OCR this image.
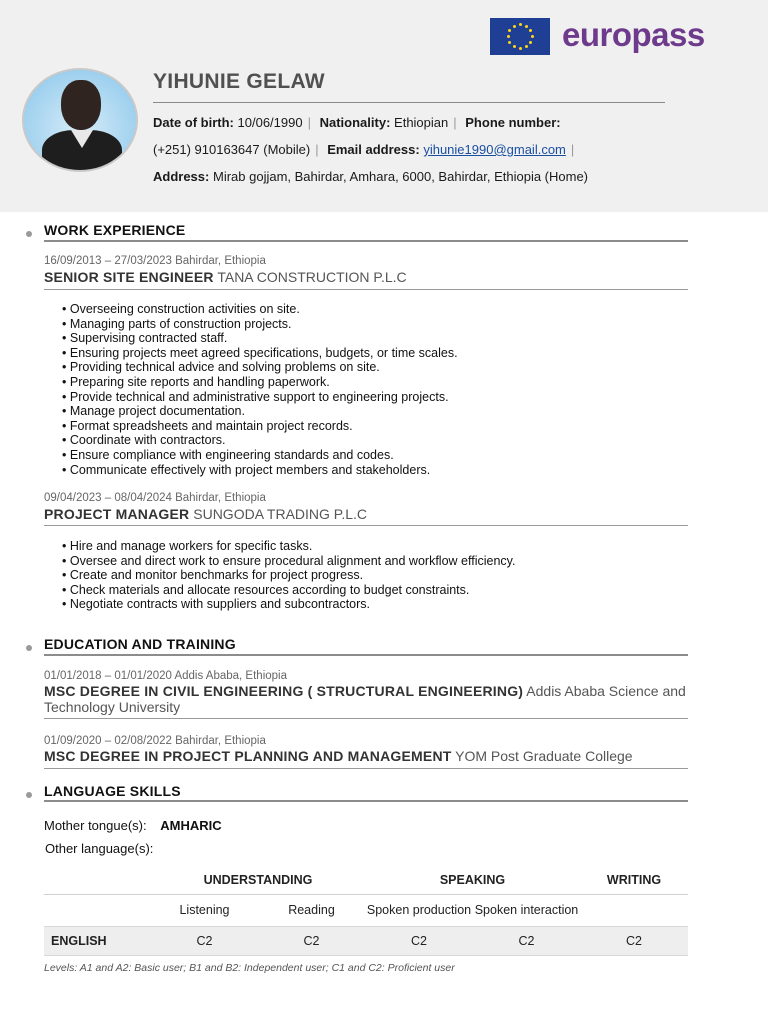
europass
YIHUNIE GELAW
Date of birth: 10/06/1990 | Nationality: Ethiopian | Phone number:
(+251) 910163647 (Mobile) | Email address: yihunie1990@gmail.com |
Address: Mirab gojjam, Bahirdar, Amhara, 6000, Bahirdar, Ethiopia (Home)
WORK EXPERIENCE
16/09/2013 – 27/03/2023 Bahirdar, Ethiopia
SENIOR SITE ENGINEER TANA CONSTRUCTION P.L.C
• Overseeing construction activities on site.
• Managing parts of construction projects.
• Supervising contracted staff.
• Ensuring projects meet agreed specifications, budgets, or time scales.
• Providing technical advice and solving problems on site.
• Preparing site reports and handling paperwork.
• Provide technical and administrative support to engineering projects.
• Manage project documentation.
• Format spreadsheets and maintain project records.
• Coordinate with contractors.
• Ensure compliance with engineering standards and codes.
• Communicate effectively with project members and stakeholders.
09/04/2023 – 08/04/2024 Bahirdar, Ethiopia
PROJECT MANAGER SUNGODA TRADING P.L.C
• Hire and manage workers for specific tasks.
• Oversee and direct work to ensure procedural alignment and workflow efficiency.
• Create and monitor benchmarks for project progress.
• Check materials and allocate resources according to budget constraints.
• Negotiate contracts with suppliers and subcontractors.
EDUCATION AND TRAINING
01/01/2018 – 01/01/2020 Addis Ababa, Ethiopia
MSC DEGREE IN CIVIL ENGINEERING ( STRUCTURAL ENGINEERING) Addis Ababa Science and Technology University
01/09/2020 – 02/08/2022 Bahirdar, Ethiopia
MSC DEGREE IN PROJECT PLANNING AND MANAGEMENT YOM Post Graduate College
LANGUAGE SKILLS
Mother tongue(s): AMHARIC
Other language(s):
	UNDERSTANDING		SPEAKING		WRITING
	Listening	Reading	Spoken production	Spoken interaction	
ENGLISH	C2	C2	C2	C2	C2
Levels: A1 and A2: Basic user; B1 and B2: Independent user; C1 and C2: Proficient user
